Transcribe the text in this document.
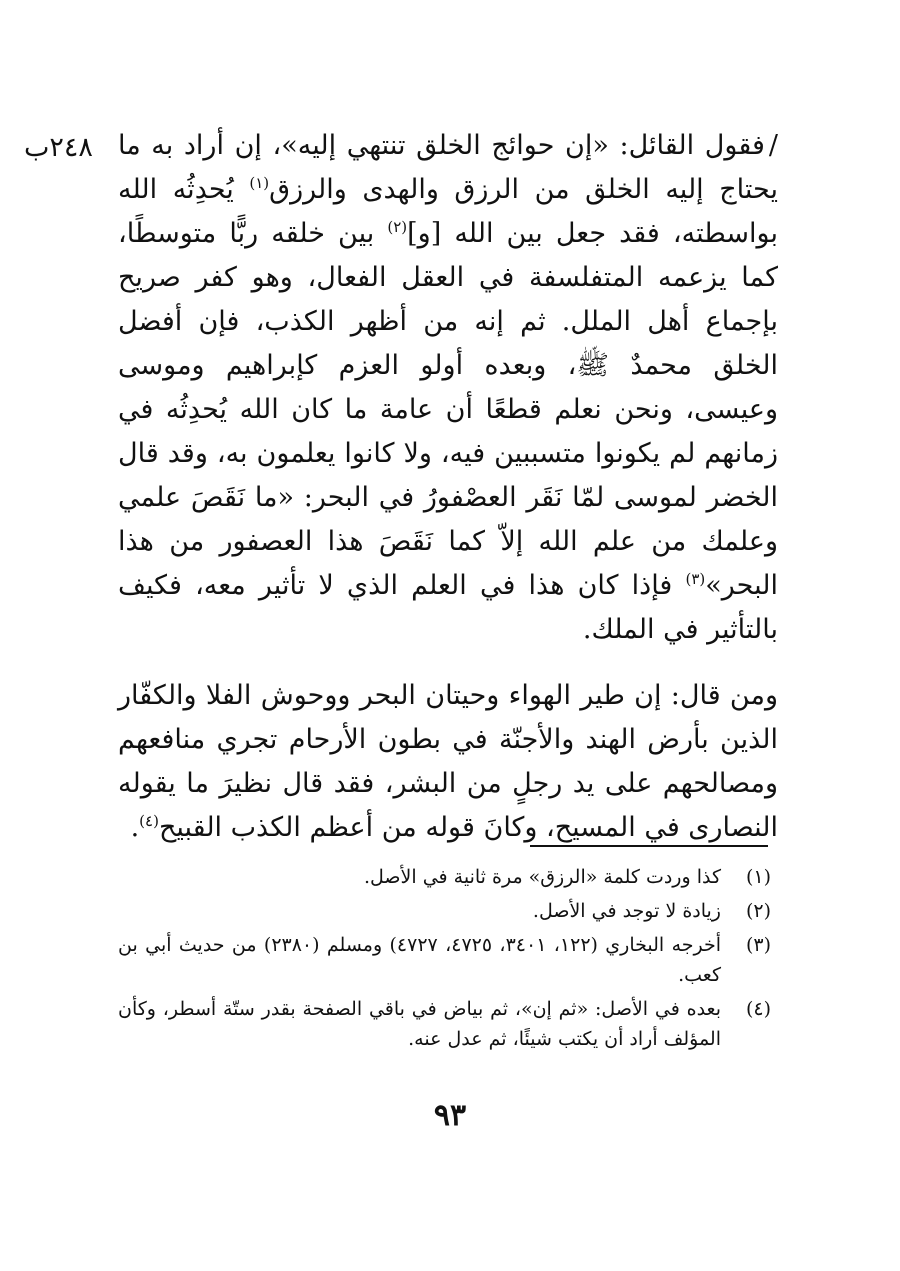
٢٤٨ب	/فقول القائل: «إن حوائج الخلق تنتهي إليه»، إن أراد به ما يحتاج إليه الخلق من الرزق والهدى والرزق$^{(١)}$ يُحدِثُه الله بواسطته، فقد جعل بين الله [و]$^{(٢)}$ بين خلقه ربًّا متوسطًا، كما يزعمه المتفلسفة في العقل الفعال، وهو كفر صريح بإجماع أهل الملل. ثم إنه من أظهر الكذب، فإن أفضل الخلق محمدٌ ﷺ، وبعده أولو العزم كإبراهيم وموسى وعيسى، ونحن نعلم قطعًا أن عامة ما كان الله يُحدِثُه في زمانهم لم يكونوا متسببين فيه، ولا كانوا يعلمون به، وقد قال الخضر لموسى لمّا نَقَر العصْفورُ في البحر: «ما نَقَصَ علمي وعلمك من علم الله إلاّ كما نَقَصَ هذا العصفور من هذا البحر»$^{(٣)}$ فإذا كان هذا في العلم الذي لا تأثير معه، فكيف بالتأثير في الملك.

ومن قال: إن طير الهواء وحيتان البحر ووحوش الفلا والكفّار الذين بأرض الهند والأجنّة في بطون الأرحام تجري منافعهم ومصالحهم على يد رجلٍ من البشر، فقد قال نظيرَ ما يقوله النصارى في المسيح، وكانَ قوله من أعظم الكذب القبيح$^{(٤)}$.

(١)
كذا وردت كلمة «الرزق» مرة ثانية في الأصل.
(٢)
زيادة لا توجد في الأصل.
(٣)
أخرجه البخاري (١٢٢، ٣٤٠١، ٤٧٢٥، ٤٧٢٧) ومسلم (٢٣٨٠) من حديث أبي بن كعب.
(٤)
بعده في الأصل: «ثم إن»، ثم بياض في باقي الصفحة بقدر ستّة أسطر، وكأن المؤلف أراد أن يكتب شيئًا، ثم عدل عنه.
٩٣
